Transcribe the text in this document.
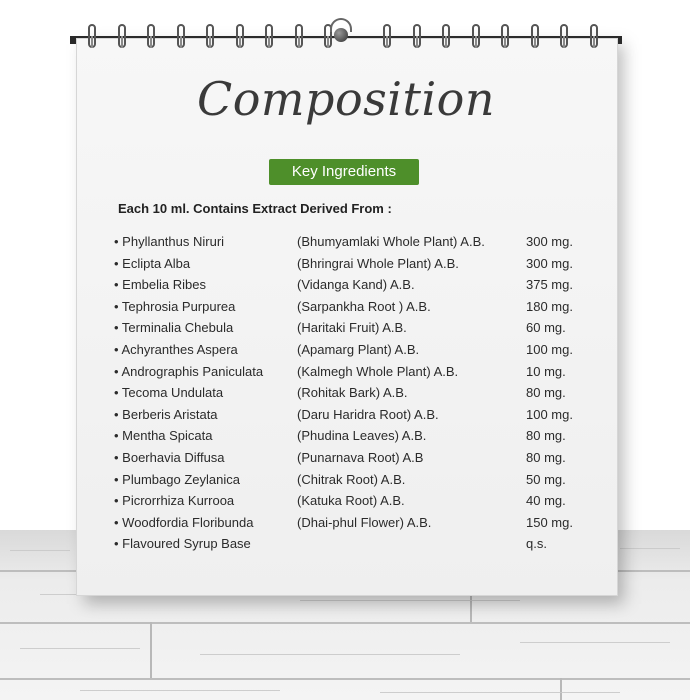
Composition
Key Ingredients
Each 10 ml. Contains Extract Derived From :
• Phyllanthus Niruri	(Bhumyamlaki Whole Plant) A.B.	300 mg.
• Eclipta Alba	(Bhringrai Whole Plant) A.B.	300 mg.
• Embelia Ribes	(Vidanga Kand) A.B.	375 mg.
• Tephrosia Purpurea	(Sarpankha Root ) A.B.	180 mg.
• Terminalia Chebula	(Haritaki Fruit) A.B.	60 mg.
• Achyranthes Aspera	(Apamarg Plant) A.B.	100 mg.
• Andrographis Paniculata	(Kalmegh Whole Plant) A.B.	10 mg.
• Tecoma Undulata	(Rohitak Bark) A.B.	80 mg.
• Berberis Aristata	(Daru Haridra Root) A.B.	100 mg.
• Mentha Spicata	(Phudina Leaves) A.B.	80 mg.
• Boerhavia Diffusa	(Punarnava Root) A.B	80 mg.
• Plumbago Zeylanica	(Chitrak Root) A.B.	50 mg.
• Picrorrhiza Kurrooa	(Katuka Root) A.B.	40 mg.
• Woodfordia Floribunda	(Dhai-phul Flower) A.B.	150 mg.
• Flavoured Syrup Base	q.s.
